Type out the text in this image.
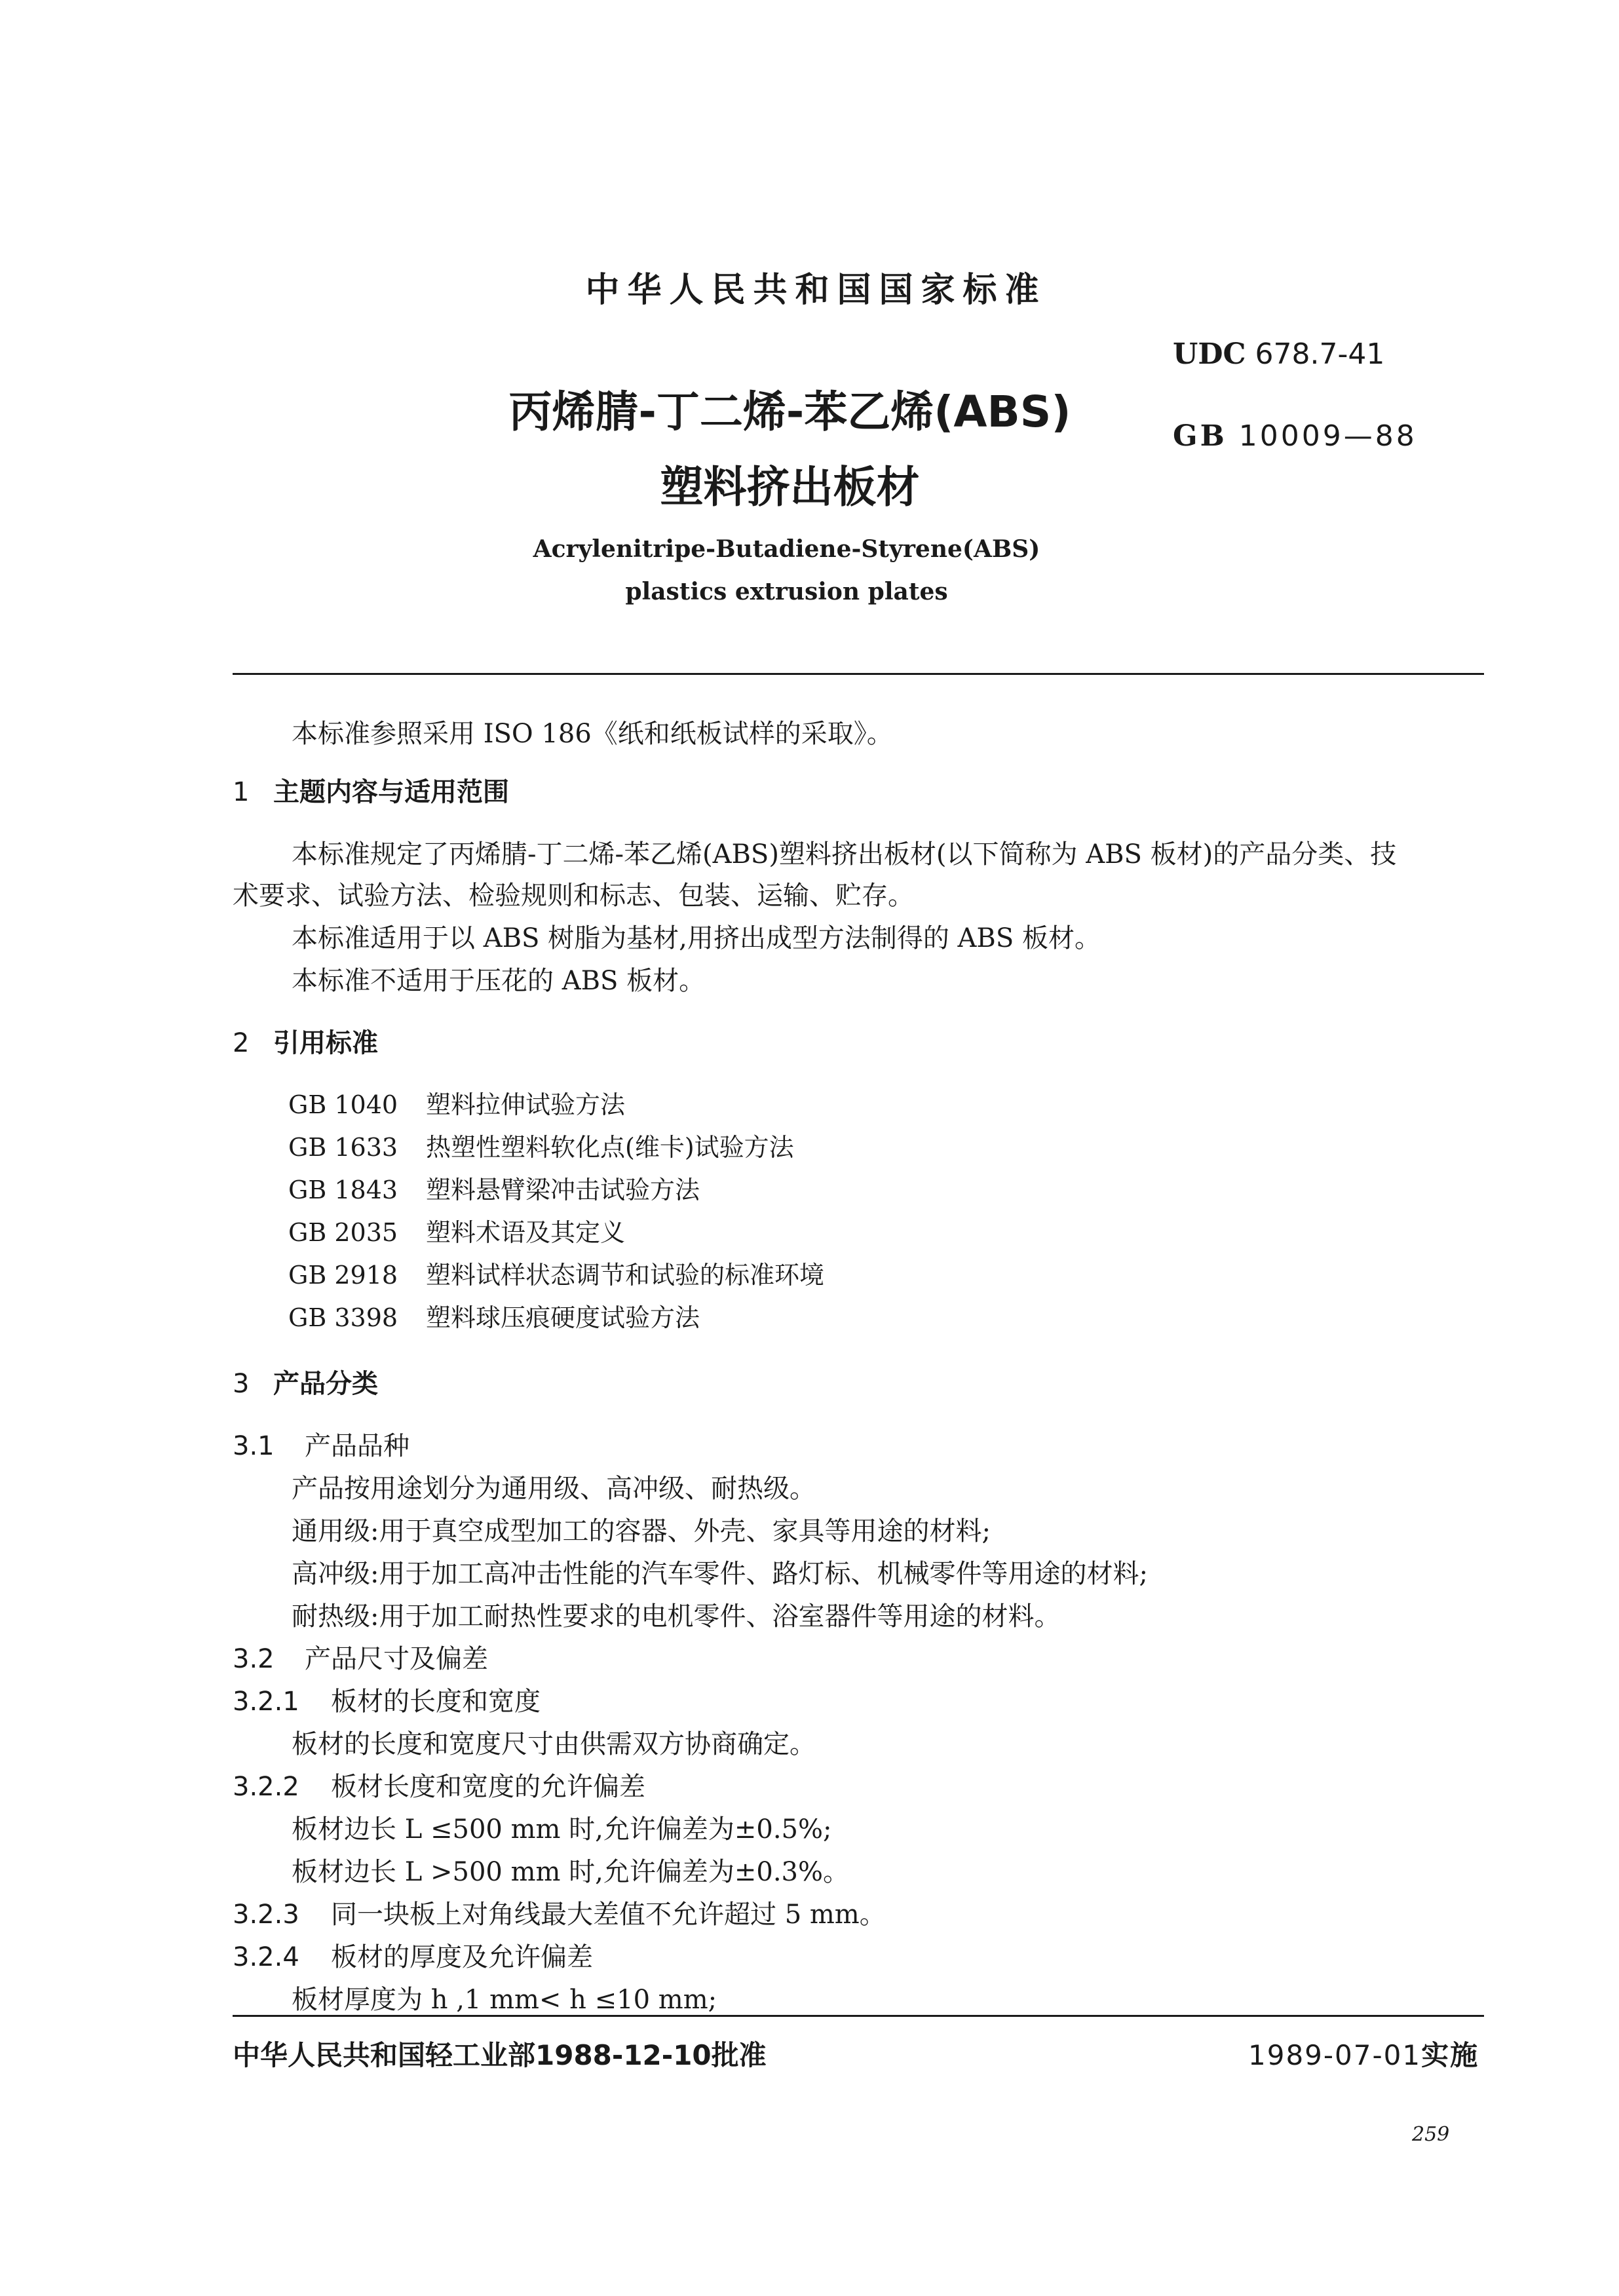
中华人民共和国国家标准
UDC 678.7-41
GB 10009—88
丙烯腈-丁二烯-苯乙烯(ABS)
塑料挤出板材
Acrylenitripe-Butadiene-Styrene(ABS)
plastics extrusion plates
本标准参照采用 ISO 186《纸和纸板试样的采取》。
1 主题内容与适用范围
本标准规定了丙烯腈-丁二烯-苯乙烯(ABS)塑料挤出板材(以下简称为 ABS 板材)的产品分类、技
术要求、试验方法、检验规则和标志、包装、运输、贮存。
本标准适用于以 ABS 树脂为基材,用挤出成型方法制得的 ABS 板材。
本标准不适用于压花的 ABS 板材。
2 引用标准
GB 1040 塑料拉伸试验方法
GB 1633 热塑性塑料软化点(维卡)试验方法
GB 1843 塑料悬臂梁冲击试验方法
GB 2035 塑料术语及其定义
GB 2918 塑料试样状态调节和试验的标准环境
GB 3398 塑料球压痕硬度试验方法
3 产品分类
3.1 产品品种
产品按用途划分为通用级、高冲级、耐热级。
通用级:用于真空成型加工的容器、外壳、家具等用途的材料;
高冲级:用于加工高冲击性能的汽车零件、路灯标、机械零件等用途的材料;
耐热级:用于加工耐热性要求的电机零件、浴室器件等用途的材料。
3.2 产品尺寸及偏差
3.2.1 板材的长度和宽度
板材的长度和宽度尺寸由供需双方协商确定。
3.2.2 板材长度和宽度的允许偏差
板材边长 L ≤500 mm 时,允许偏差为±0.5%;
板材边长 L >500 mm 时,允许偏差为±0.3%。
3.2.3 同一块板上对角线最大差值不允许超过 5 mm。
3.2.4 板材的厚度及允许偏差
板材厚度为 h ,1 mm< h ≤10 mm;
中华人民共和国轻工业部1988-12-10批准	1989-07-01实施
259
